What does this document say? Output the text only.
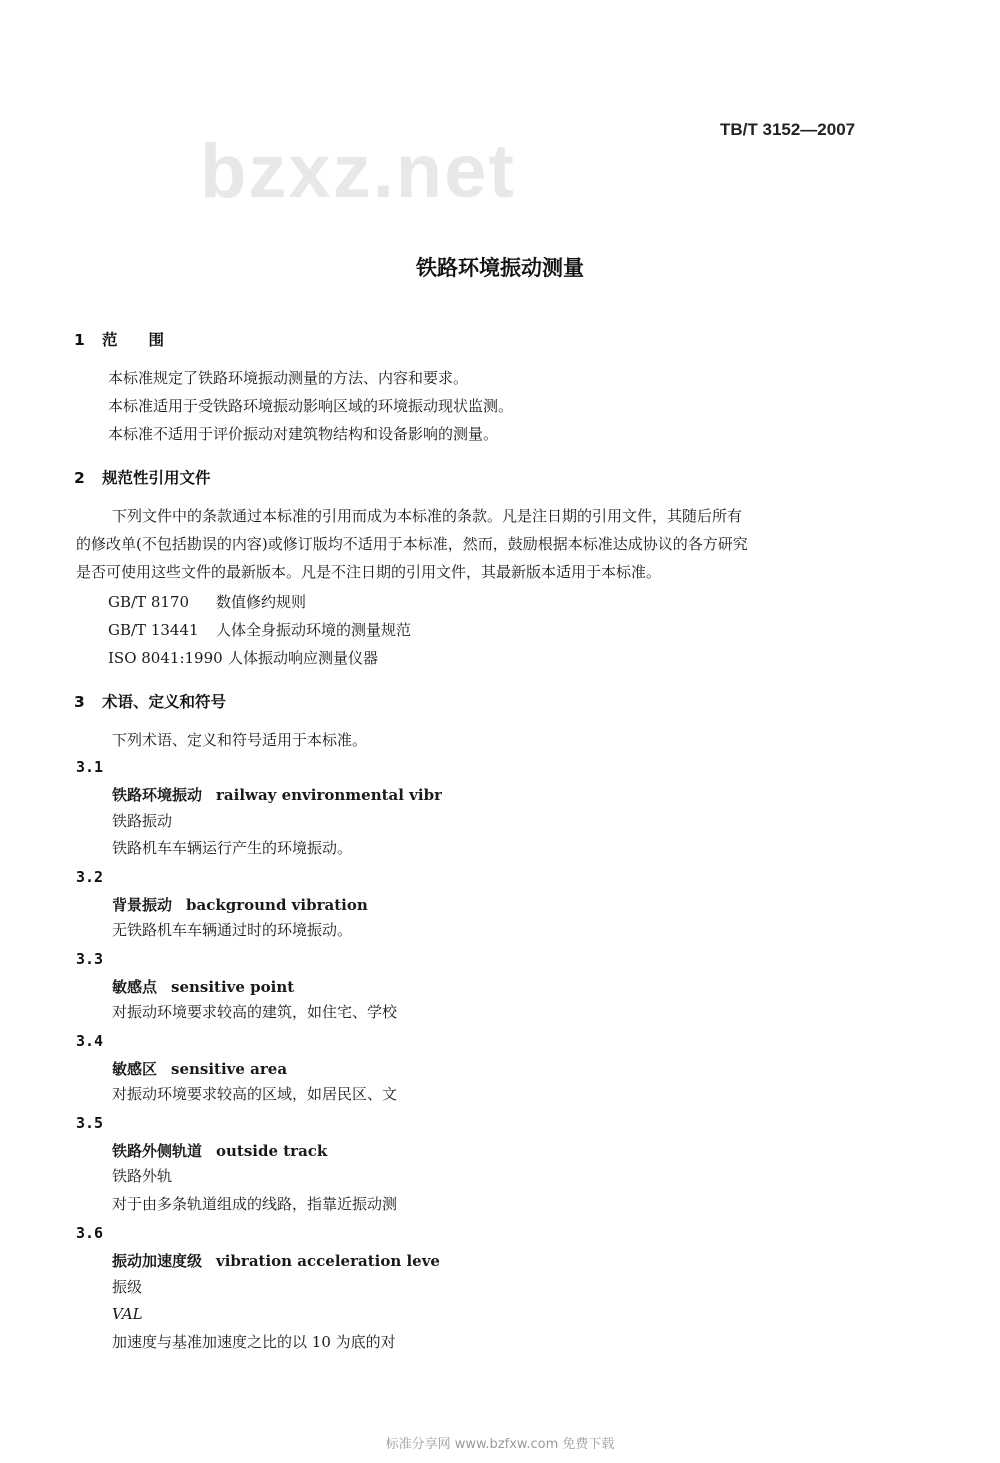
bzxz.net	TB/T 3152—2007
铁路环境振动测量
1 范　　围
本标准规定了铁路环境振动测量的方法、内容和要求。
本标准适用于受铁路环境振动影响区域的环境振动现状监测。
本标准不适用于评价振动对建筑物结构和设备影响的测量。
2 规范性引用文件
下列文件中的条款通过本标准的引用而成为本标准的条款。凡是注日期的引用文件，其随后所有
的修改单(不包括勘误的内容)或修订版均不适用于本标准，然而，鼓励根据本标准达成协议的各方研究
是否可使用这些文件的最新版本。凡是不注日期的引用文件，其最新版本适用于本标准。
GB/T 8170 数值修约规则
GB/T 13441 人体全身振动环境的测量规范
ISO 8041:1990 人体振动响应测量仪器
3 术语、定义和符号
下列术语、定义和符号适用于本标准。
3.1
铁路环境振动 railway environmental vibr
铁路振动
铁路机车车辆运行产生的环境振动。
3.2
背景振动 background vibration
无铁路机车车辆通过时的环境振动。
3.3
敏感点 sensitive point
对振动环境要求较高的建筑，如住宅、学校
3.4
敏感区 sensitive area
对振动环境要求较高的区域，如居民区、文
3.5
铁路外侧轨道 outside track
铁路外轨
对于由多条轨道组成的线路，指靠近振动测
3.6
振动加速度级 vibration acceleration leve
振级
VAL
加速度与基准加速度之比的以 10 为底的对
标准分享网 www.bzfxw.com 免费下载
